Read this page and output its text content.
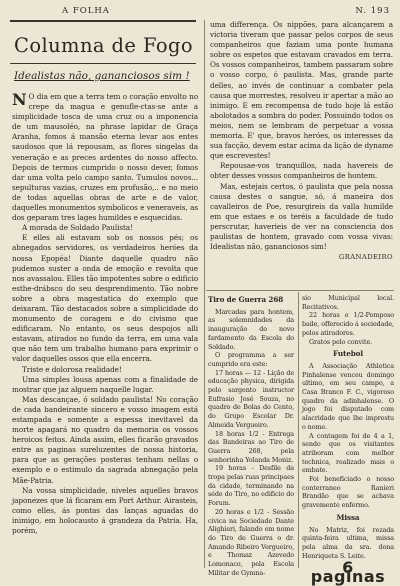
A FOLHA	N. 193
Columna de Fogo
Idealistas não, gananciosos sim !

N O dia em que a terra tem o coração envolto no crepe da magua e genufle-ctas-se ante a simplicidade tosca de uma cruz ou a imponencia de um mausoléo, na phrase lapidar de Graça Aranha, fomos á mansão eterna levar aos entes saudosos que lá repousam, as flores singelas da veneração e as preces ardentes do nosso affecto. Depois de termos cumprido o nosso dever, fomos dar uma volta pelo campo santo. Tumulos novos... sepulturas vazias, cruzes em profusão,.. e no meio de todas aquellas obras de arte e de valor, daquelles monumentos symbolicos e veneraveis, as dos geparam tres lages humildes e esquecidas.

A morada de Soldado Paulista!

E elles ali estavam sob os nossos pés; os abnegados servidores, os verdadeiros heróes da nossa Epopéa! Diante daquelle quadro não pudemos suster a onda de emoção e revolta que nos avassalou. Elles tão impotentes sobre o edificio esthe-drábsco do seu desprendimento. Tão nobre sobre a obra magestatica do exemplo que deixaram. Tão destacados sobre a simplicidade do monumento de coragem e do civismo que edificaram. No entanto, os seus despojos alli estavam, atirados no fundo da terra, em uma vala que não tem um trabalho humano para exprimir o valor daquelles ossos que ella encerra.

Triste e dolorosa realidade!

Uma simples lousa apenas com a finalidade de mostrar que jaz alguem naquelle lugar.

Mas descançae, ó soldado paulista! No coração de cada bandeirante sincero e vosso imagem está estampada e somente a espessa inevitavel da morte apagará no quadro da memoria os vossos heroicos feitos. Ainda assim, elles ficarão gravados entre as paginas sureluzentes de nossa historia, para que as gerações posteras tenham nellas o exemplo e o estimulo da sagrada abnegação pela Mãe-Patria.

Na vossa simplicidade, niveles aquelles bravos japonezes que lá ficaram em Port Arthur. Airasteis, como elles, ás pontas das lanças aguadas do inimigo, em holocausto á grandeza da Patria. Ha, porém,

uma differença. Os nippões, para alcançarem a victoria tiveram que passar pelos corpos de seus companheiros que faziam uma ponte humana sobre os espetos que estavam cravados em terra. Os vossos companheiros, tambem passaram sobre o vosso corpo, ó paulista. Mas, grande parte delles, ao invés de continuar a combater pela causa que morrestes, resolveu ir apertar a mão ao inimigo. E em recompensa de tudo hoje lá estão abolotados a sombra do poder. Possuindo todos os meios, nem se lembram de perpetuar a vossa memoria. E' que, bravos heróes, os interesses da sua facção, devem estar acima da lição de dyname que escrevestes!

Repousae-vos tranquillos, nada havereis de obter desses vossos companheiros de hontem.

Mas, estejais certos, ó paulista que pela nossa causa destes o sangue, só, á maneira dos cavalleiros de Poe, resurgireis da valla humilde em que estaes e os teréis a faculdade de tudo perscrutar, haverieis de ver na consciencia dos paulistas de hontem, gravado com vossa vivas: Idealistas não, gananciosos sim!

GRANADEIRO
Tiro de Guerra 268

Marcadas para hontem, as solemnidades da inauguração do novo fardamento da Escola do Soldado.

O programma a ser cumprido era este:

17 horas — 12 - Lição de educação physica, dirigida pelo sargento instructor Eufrasio José Souza, no quadro de Bolas do Cento, do Grupo Escolar Dr. Almeida Vergueiro.

18 horas 1/2 - Entrega das Bandeiras ao Tiro de Guerra 268, pela senhorinha Yolanda Moniz.

19 horas - Desfile da tropa pelas ruas principaes da cidade, terminando na séde do Tiro, no edificio do Forum.

20 horas e 1/2 - Sessão civica na Sociedade Dante Alighieri, falando em nome do Tiro de Guerra o dr. Amando Ribeiro Vergueiro, e Thomaz Azevedo Lomonaco, pela Escola Militar de Gymna-

sio Municipal local. Recitativos.

22 horas e 1/2-Pomposo baile, offerecido á sociedade, pelos atiradores.

Gratos pelo convite.

Futebol

A Associação Athletica Pinhalense venceu domingo ultimo, em seu campo, a Casa Branco F. C., vigoroso quadro da adinhalense. O jogo foi disputado com alacridade que lhe imprestu o nome.

A contagem foi de 4 a 1, sendo que os visitantes atriboram com melhor technica, realizado mais o embate.

Foi beneficiado o nosso conterraneo Ranieri Brandão que se achava gravemente enfermo.

Missa

No Matriz, foi rezada quinta-feira ultima, missa pela alma da sra. dona Henriqueta S. Leite.

6 paginas
